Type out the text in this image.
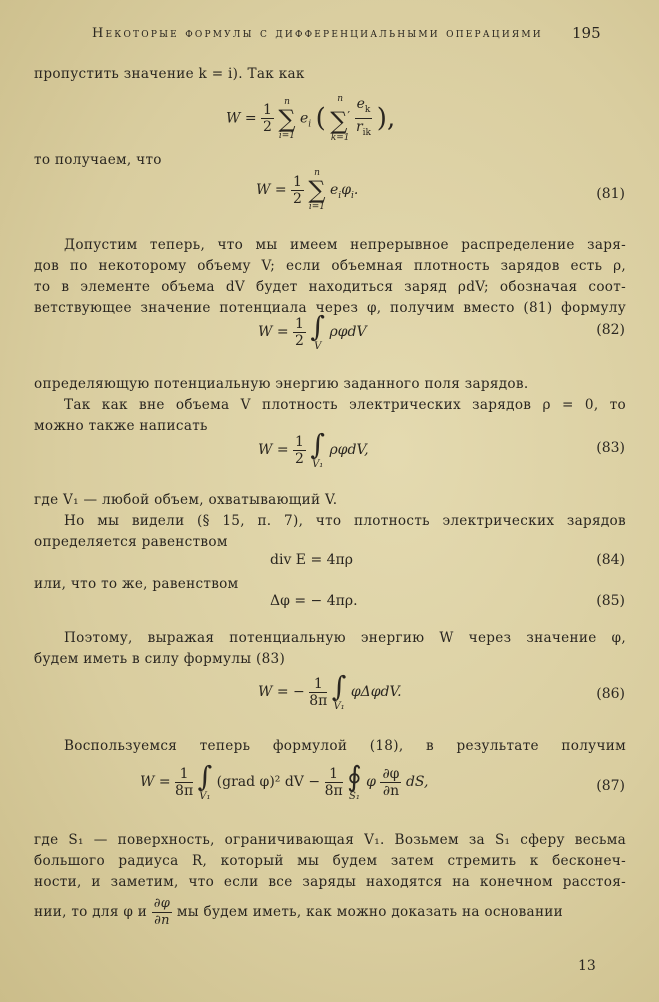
Некоторые формулы с дифференциальными операциями 195
пропустить значение k = i). Так как
$W = \frac{1}{2}$
n
∑
i=1 $e_i$ ( n
∑′
$k=1 \frac{e_k}{r_{ik}}$ ),
то получаем, что
$W = \frac{1}{2}$
n
∑
i=1 $e_i\varphi_i$.	(81)
Допустим теперь, что мы имеем непрерывное распределение заря-
дов по некоторому объему V; если объемная плотность зарядов есть ρ,
то в элементе объема dV будет находиться заряд ρdV; обозначая соот-
ветствующее значение потенциала через φ, получим вместо (81) формулу
$W = \frac{1}{2}$
∫
V
ρφdV	(82)
определяющую потенциальную энергию заданного поля зарядов.
Так как вне объема V плотность электрических зарядов ρ = 0, то
можно также написать
$W = \frac{1}{2}$
∫
V₁
ρφdV,	(83)
где V₁ — любой объем, охватывающий V.
Но мы видели (§ 15, п. 7), что плотность электрических зарядов
определяется равенством
div E = 4πρ	(84)
или, что то же, равенством
Δφ = − 4πρ.	(85)
Поэтому, выражая потенциальную энергию W через значение φ,
будем иметь в силу формулы (83)
W = − $\frac{1}{8\pi}$
∫
V₁
φΔφdV.	(86)
Воспользуемся теперь формулой (18), в результате получим
$W = \frac{1}{8\pi}$
∫
V₁
(grad φ)² dV − $\frac{1}{8\pi}$
∮
S₁
φ $\frac{\partial\varphi}{\partial n}$ dS,	(87)
где S₁ — поверхность, ограничивающая V₁. Возьмем за S₁ сферу весьма
большого радиуса R, который мы будем затем стремить к бесконеч-
ности, и заметим, что если все заряды находятся на конечном расстоя-
нии, то для φ и $\frac{\partial\varphi}{\partial n}$ мы будем иметь, как можно доказать на основании
13
